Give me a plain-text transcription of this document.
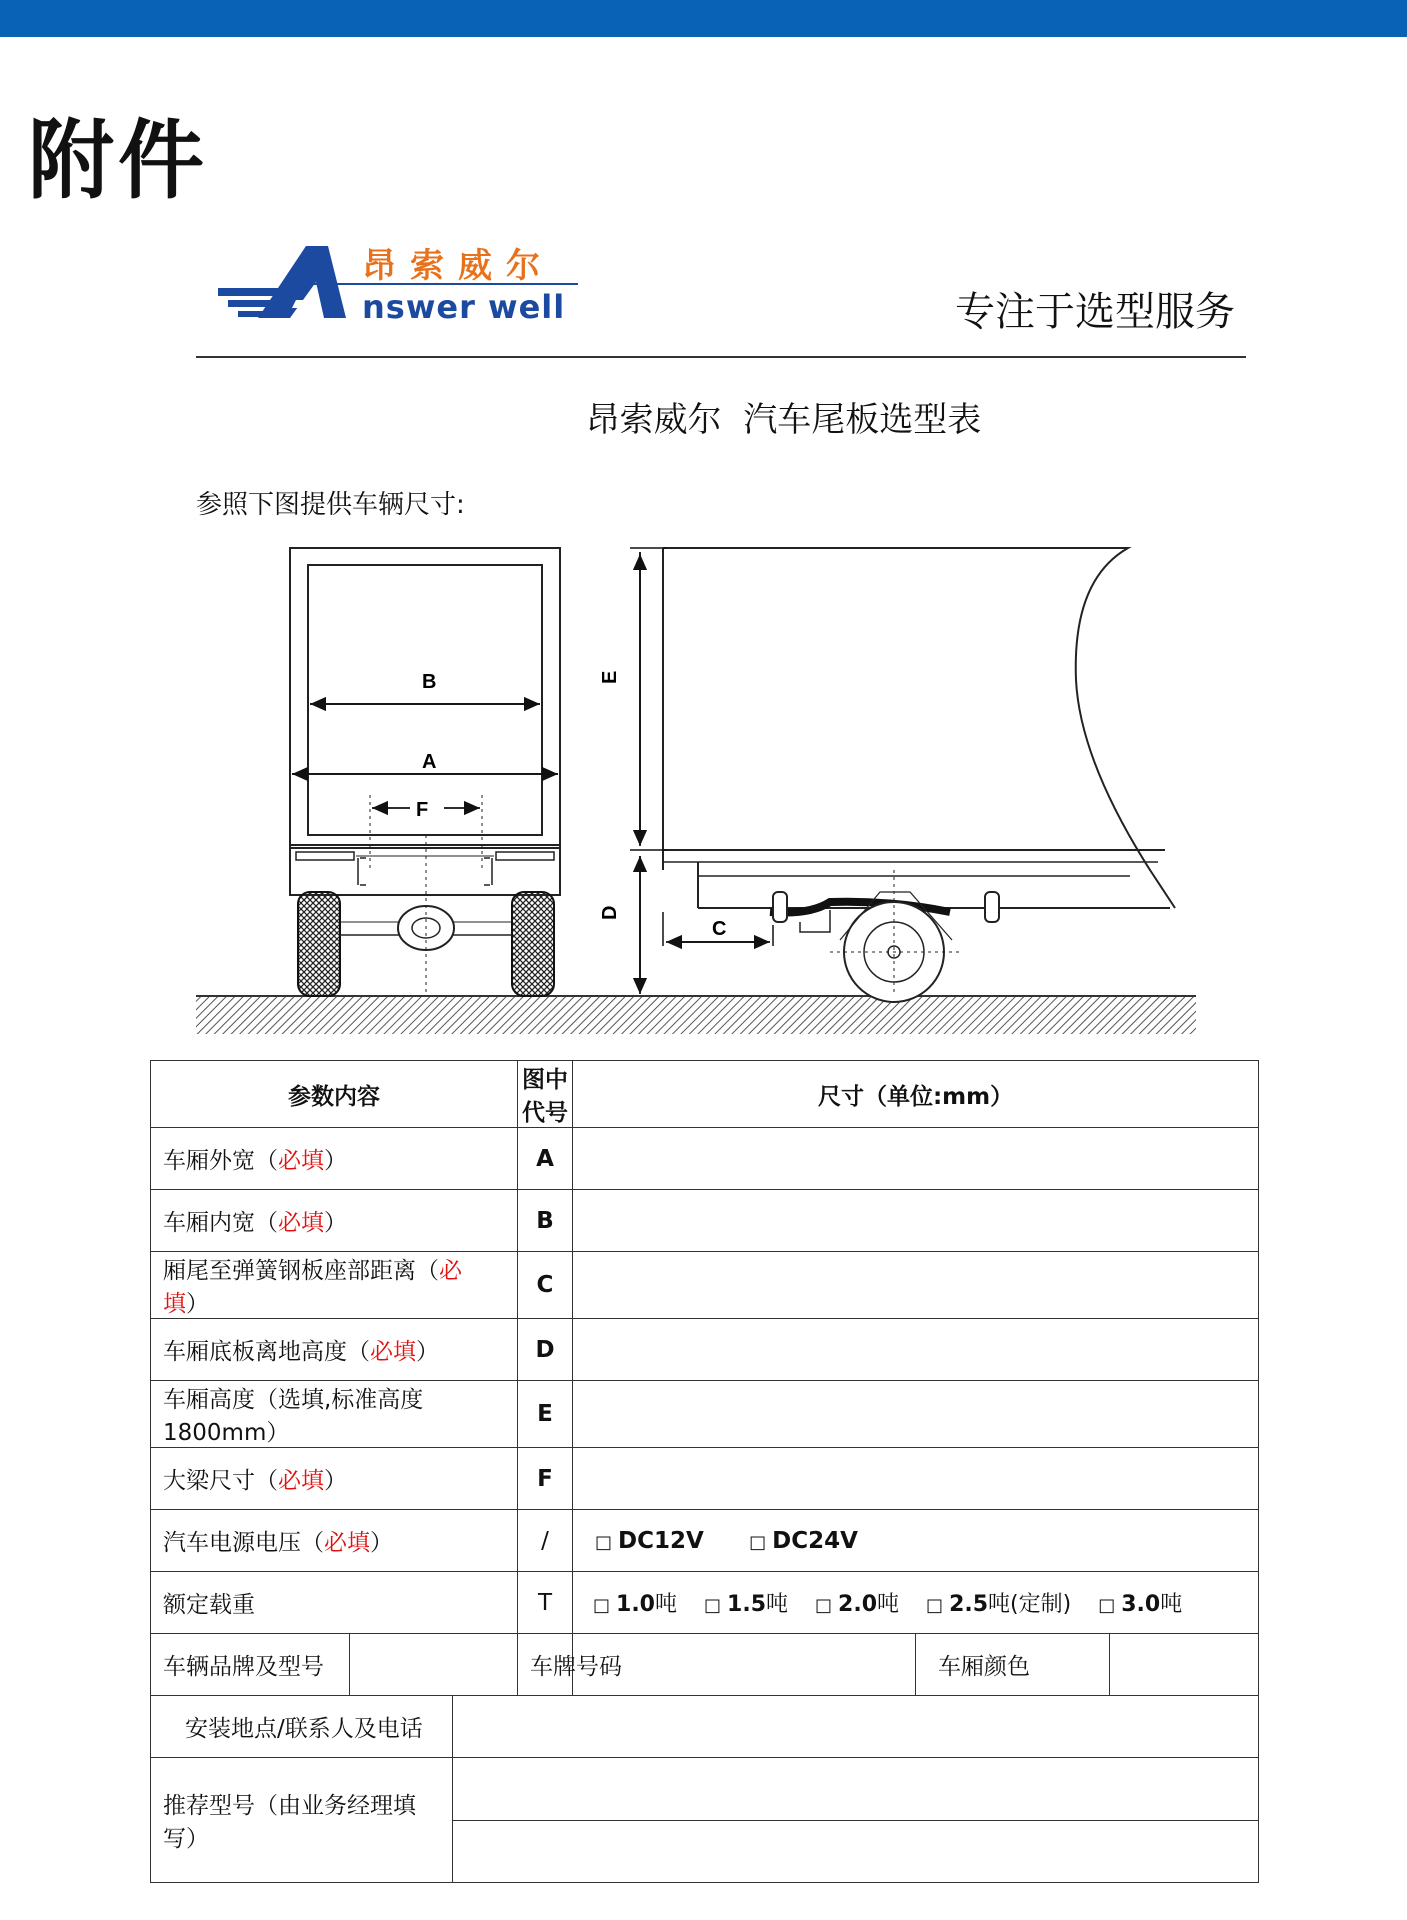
附件
昂索威尔
nswer well	专注于选型服务
昂索威尔 汽车尾板选型表
参照下图提供车辆尺寸:
B
A
F
E
D
C
参数内容			图中代号	尺寸（单位:mm）		
车厢外宽（必填）			A			
车厢内宽（必填）			B			
厢尾至弹簧钢板座部距离（必填）			C			
车厢底板离地高度（必填）			D			
车厢高度（选填,标准高度 1800mm）			E			
大梁尺寸（必填）			F			
汽车电源电压（必填）			/	□ DC12V □ DC24V		
额定载重			T	□ 1.0吨 □ 1.5吨 □ 2.0吨 □ 2.5吨(定制) □ 3.0吨		
车辆品牌及型号			车牌号码		车厢颜色	
安装地点/联系人及电话						
推荐型号（由业务经理填写）						
